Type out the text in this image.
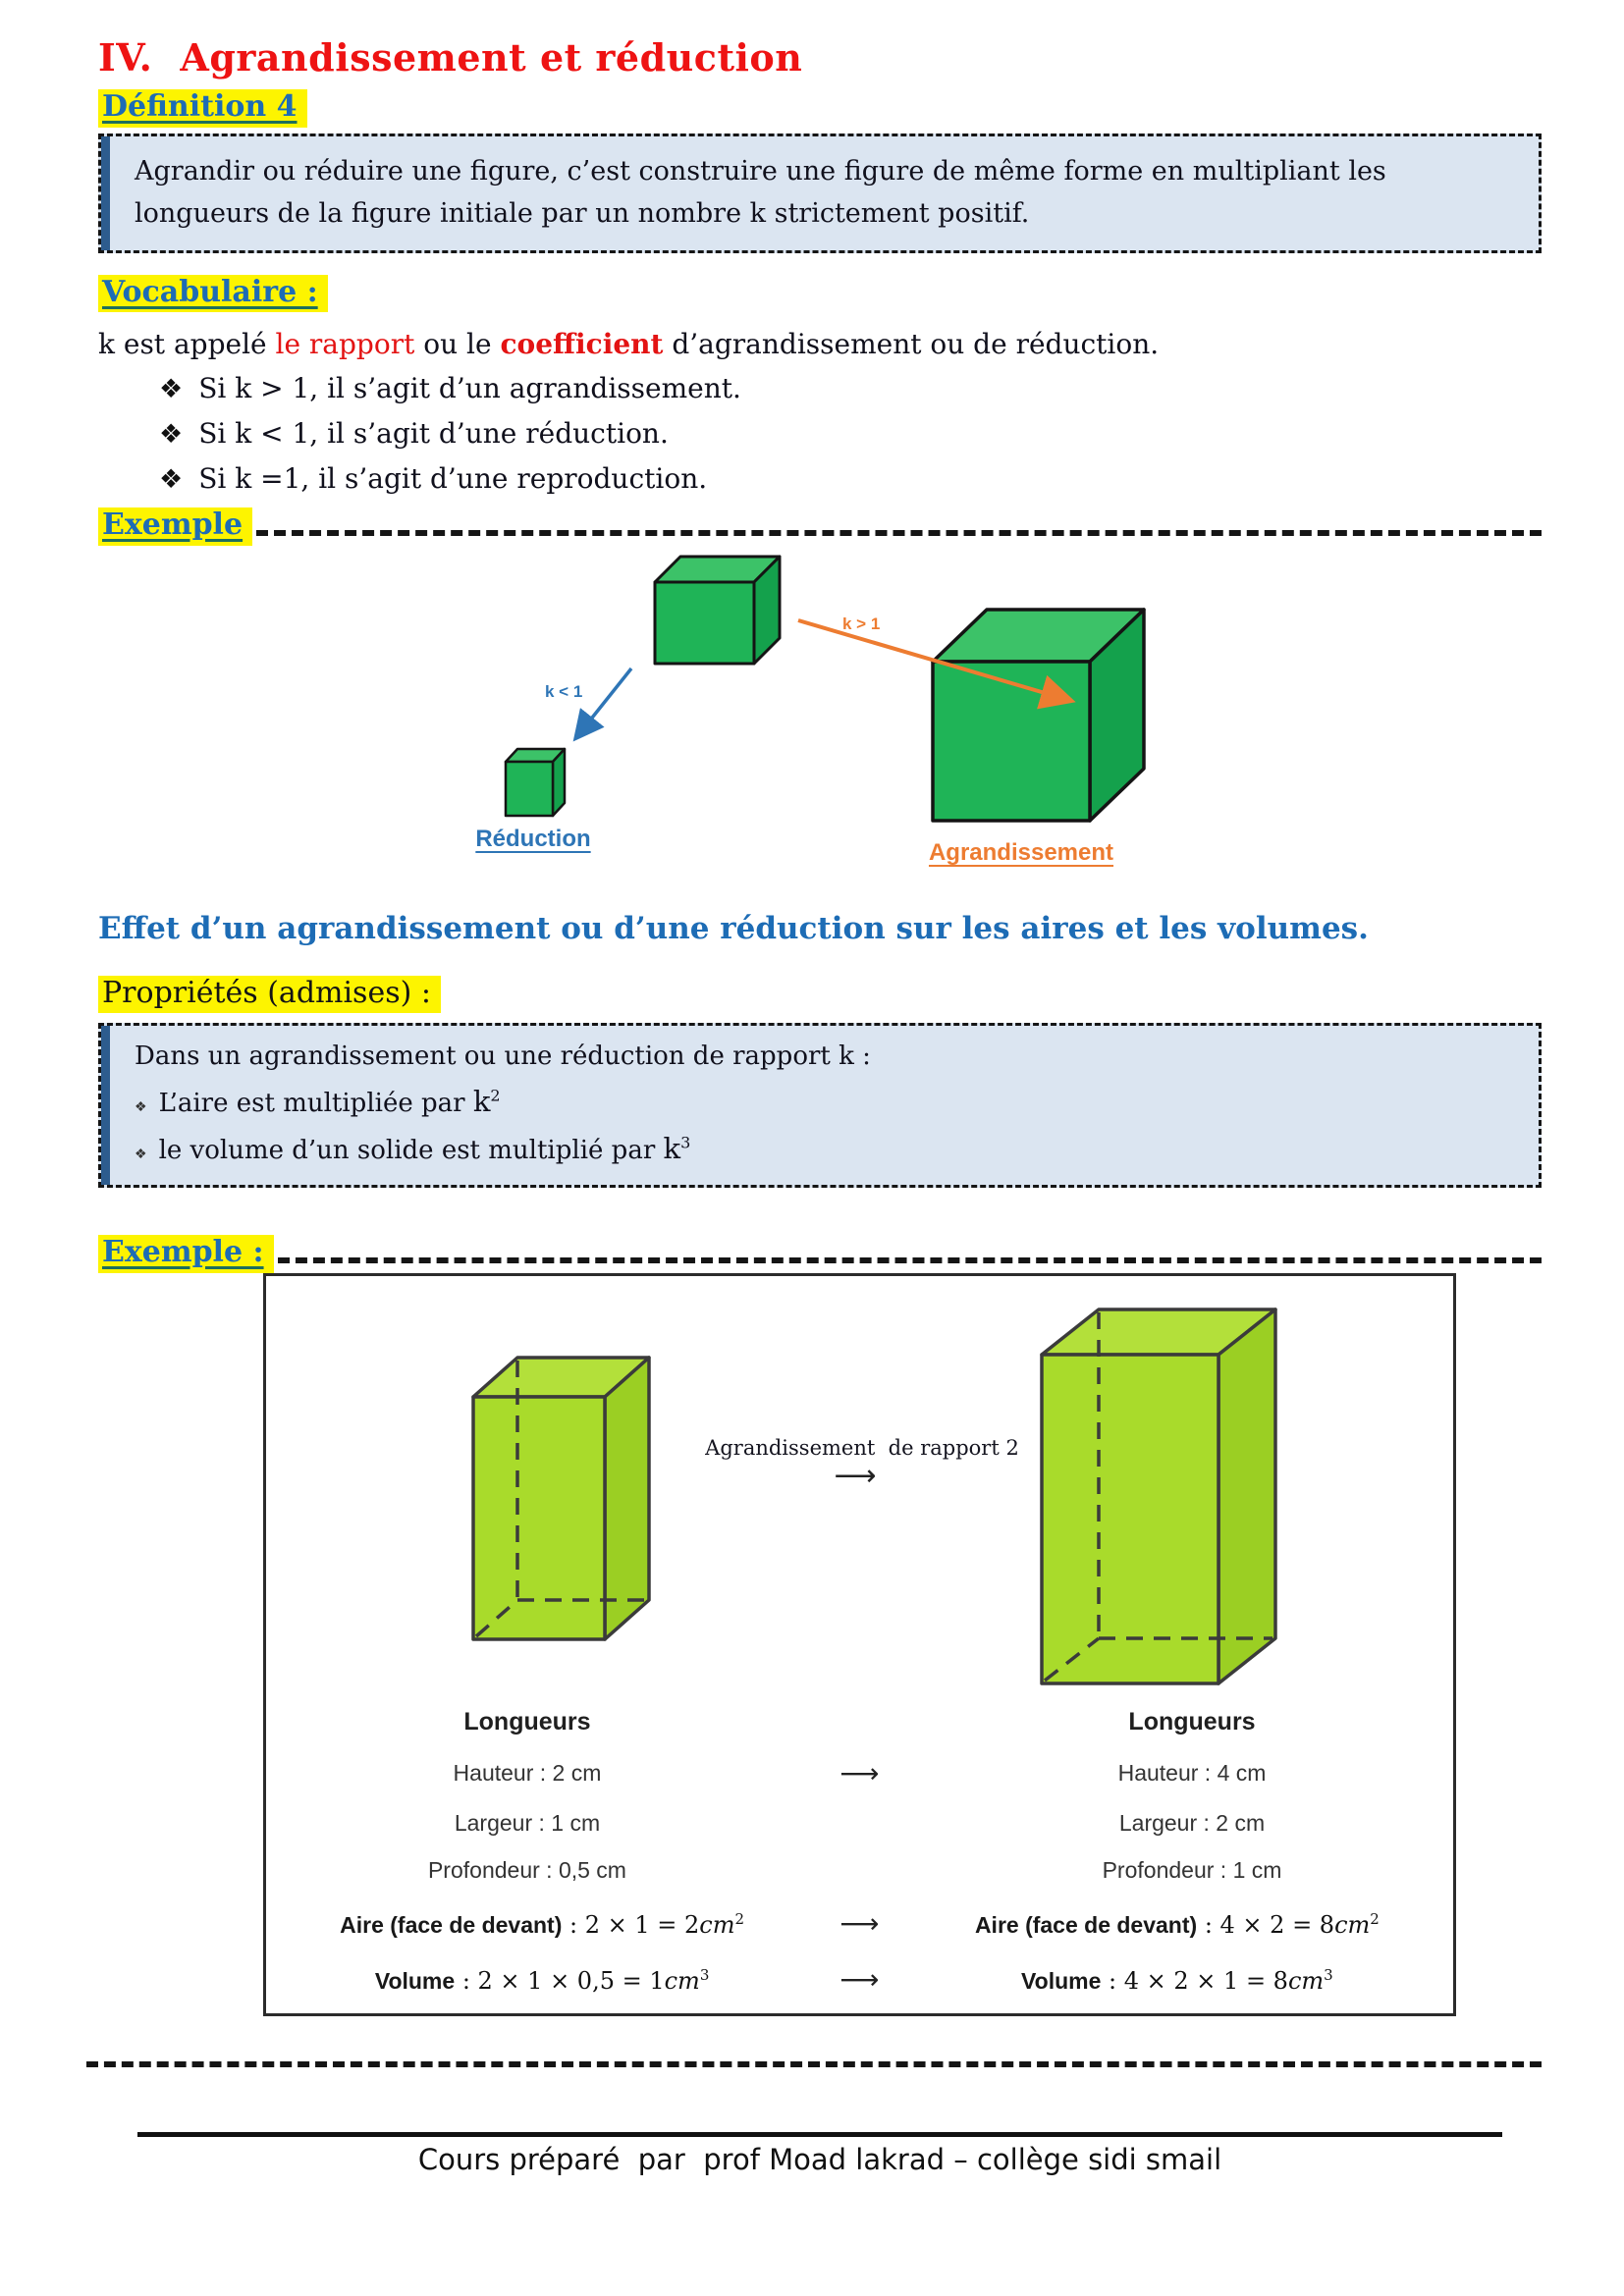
IV. Agrandissement et réduction
Définition 4

Agrandir ou réduire une figure, c’est construire une figure de même forme en multipliant les longueurs de la figure initiale par un nombre k strictement positif.

Vocabulaire :
k est appelé le rapport ou le coefficient d’agrandissement ou de réduction.
❖ Si k > 1, il s’agit d’un agrandissement.
❖ Si k < 1, il s’agit d’une réduction.
❖ Si k =1, il s’agit d’une reproduction.
Exemple
k < 1
k > 1
Réduction
Agrandissement
Effet d’un agrandissement ou d’une réduction sur les aires et les volumes.
Propriétés (admises) :

Dans un agrandissement ou une réduction de rapport k :

❖ L’aire est multipliée par $k^2$
❖ le volume d’un solide est multiplié par $k^3$
Exemple :
Agrandissement  de rapport 2
⟶
Longueurs	Longueurs
Hauteur : 2 cm	⟶	Hauteur : 4 cm
Largeur : 1 cm	Largeur : 2 cm
Profondeur : 0,5 cm	Profondeur : 1 cm
Aire (face de devant) : $2 \times 1 = 2cm^2$	⟶	Aire (face de devant) : $4 \times 2 = 8cm^2$
Volume : $2 \times 1 \times 0,5 = 1cm^3$	⟶	Volume : $4 \times 2 \times 1 = 8cm^3$
Cours préparé  par  prof Moad lakrad – collège sidi smail
